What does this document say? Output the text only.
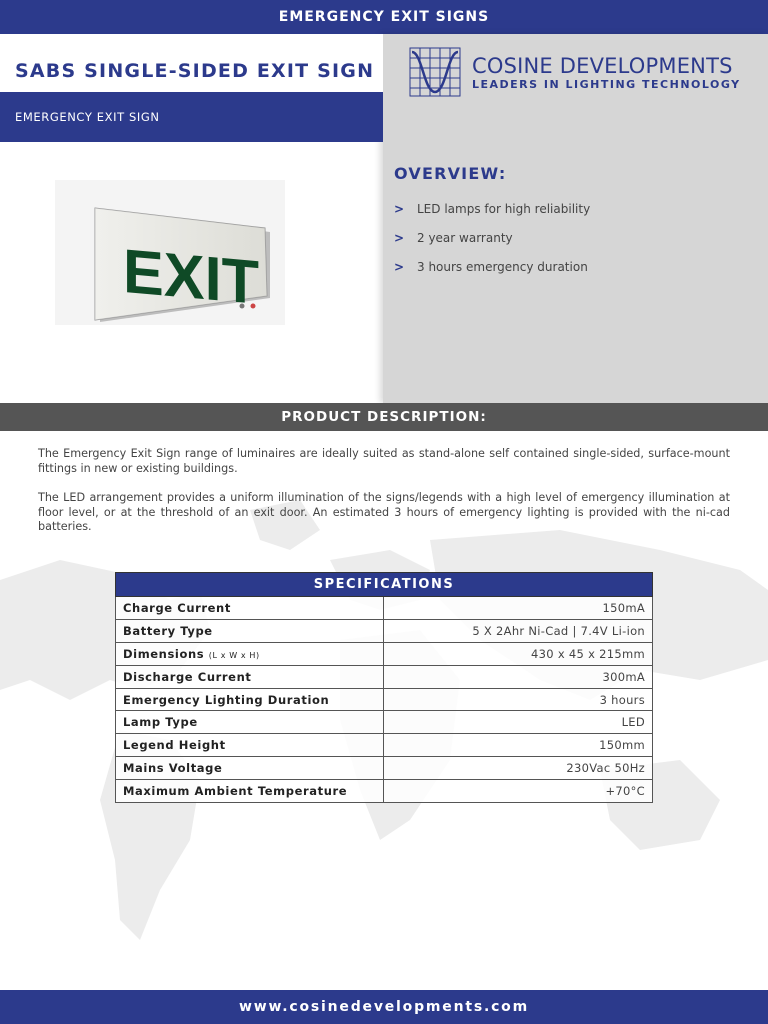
EMERGENCY EXIT SIGNS
SABS SINGLE-SIDED EXIT SIGN
EMERGENCY EXIT SIGN
COSINE DEVELOPMENTS
LEADERS IN LIGHTING TECHNOLOGY
EXIT
OVERVIEW:
>	LED lamps for high reliability
>	2 year warranty
>	3 hours emergency duration
PRODUCT DESCRIPTION:

The Emergency Exit Sign range of luminaires are ideally suited as stand-alone self contained single-sided, surface-mount fittings in new or existing buildings.

The LED arrangement provides a uniform illumination of the signs/legends with a high level of emergency illumination at floor level, or at the threshold of an exit door. An estimated 3 hours of emergency lighting is provided with the ni-cad batteries.

SPECIFICATIONS	
Charge Current	150mA
Battery Type	5 X 2Ahr Ni-Cad | 7.4V Li-ion
Dimensions (L x W x H)	430 x 45 x 215mm
Discharge Current	300mA
Emergency Lighting Duration	3 hours
Lamp Type	LED
Legend Height	150mm
Mains Voltage	230Vac 50Hz
Maximum Ambient Temperature	+70°C
www.cosinedevelopments.com
